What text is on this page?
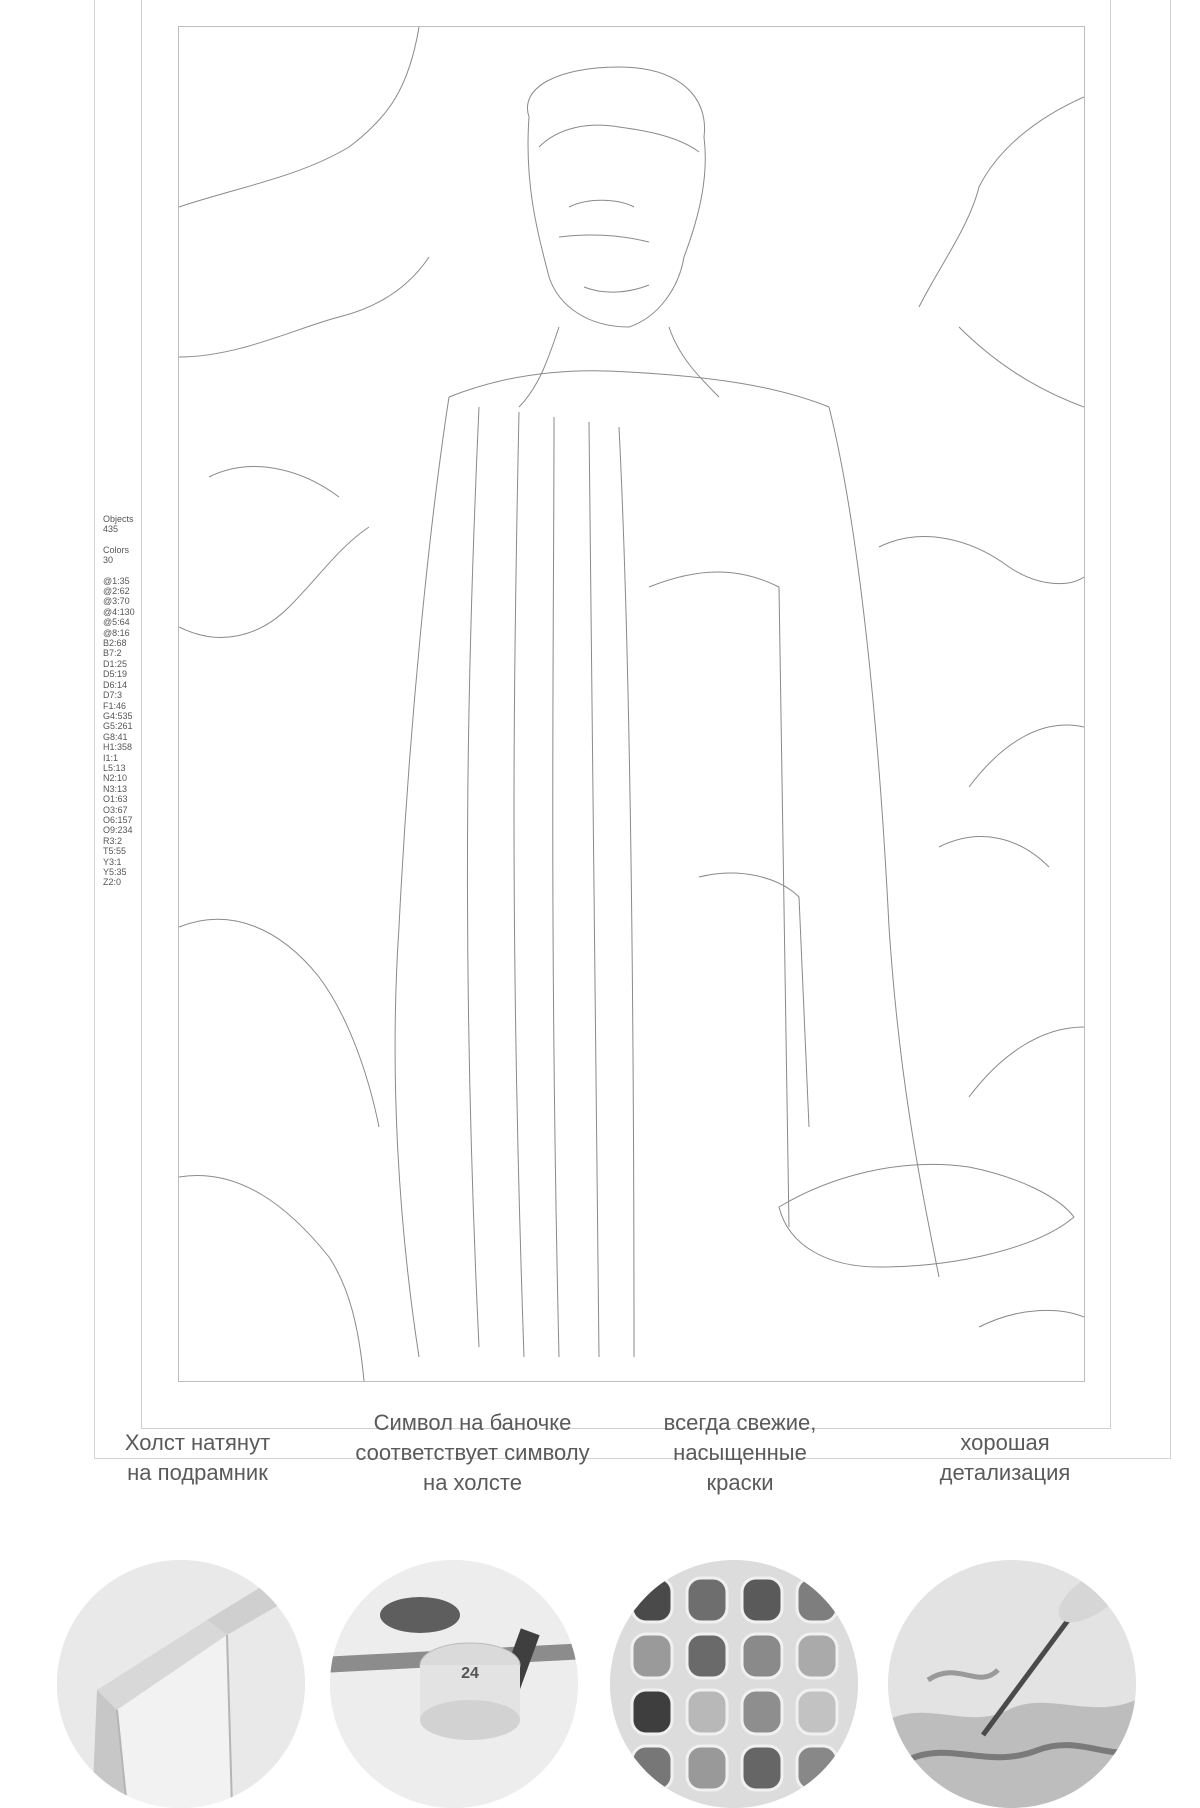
Objects
435
Colors
30
@1:35
@2:62
@3:70
@4:130
@5:64
@8:16
B2:68
B7:2
D1:25
D5:19
D6:14
D7:3
F1:46
G4:535
G5:261
G8:41
H1:358
I1:1
L5:13
N2:10
N3:13
O1:63
O3:67
O6:157
O9:234
R3:2
T5:55
Y3:1
Y5:35
Z2:0
Холст натянут
на подрамник
Символ на баночке
соответствует символу
на холсте
всегда свежие,
насыщенные
краски
хорошая
детализация
24
